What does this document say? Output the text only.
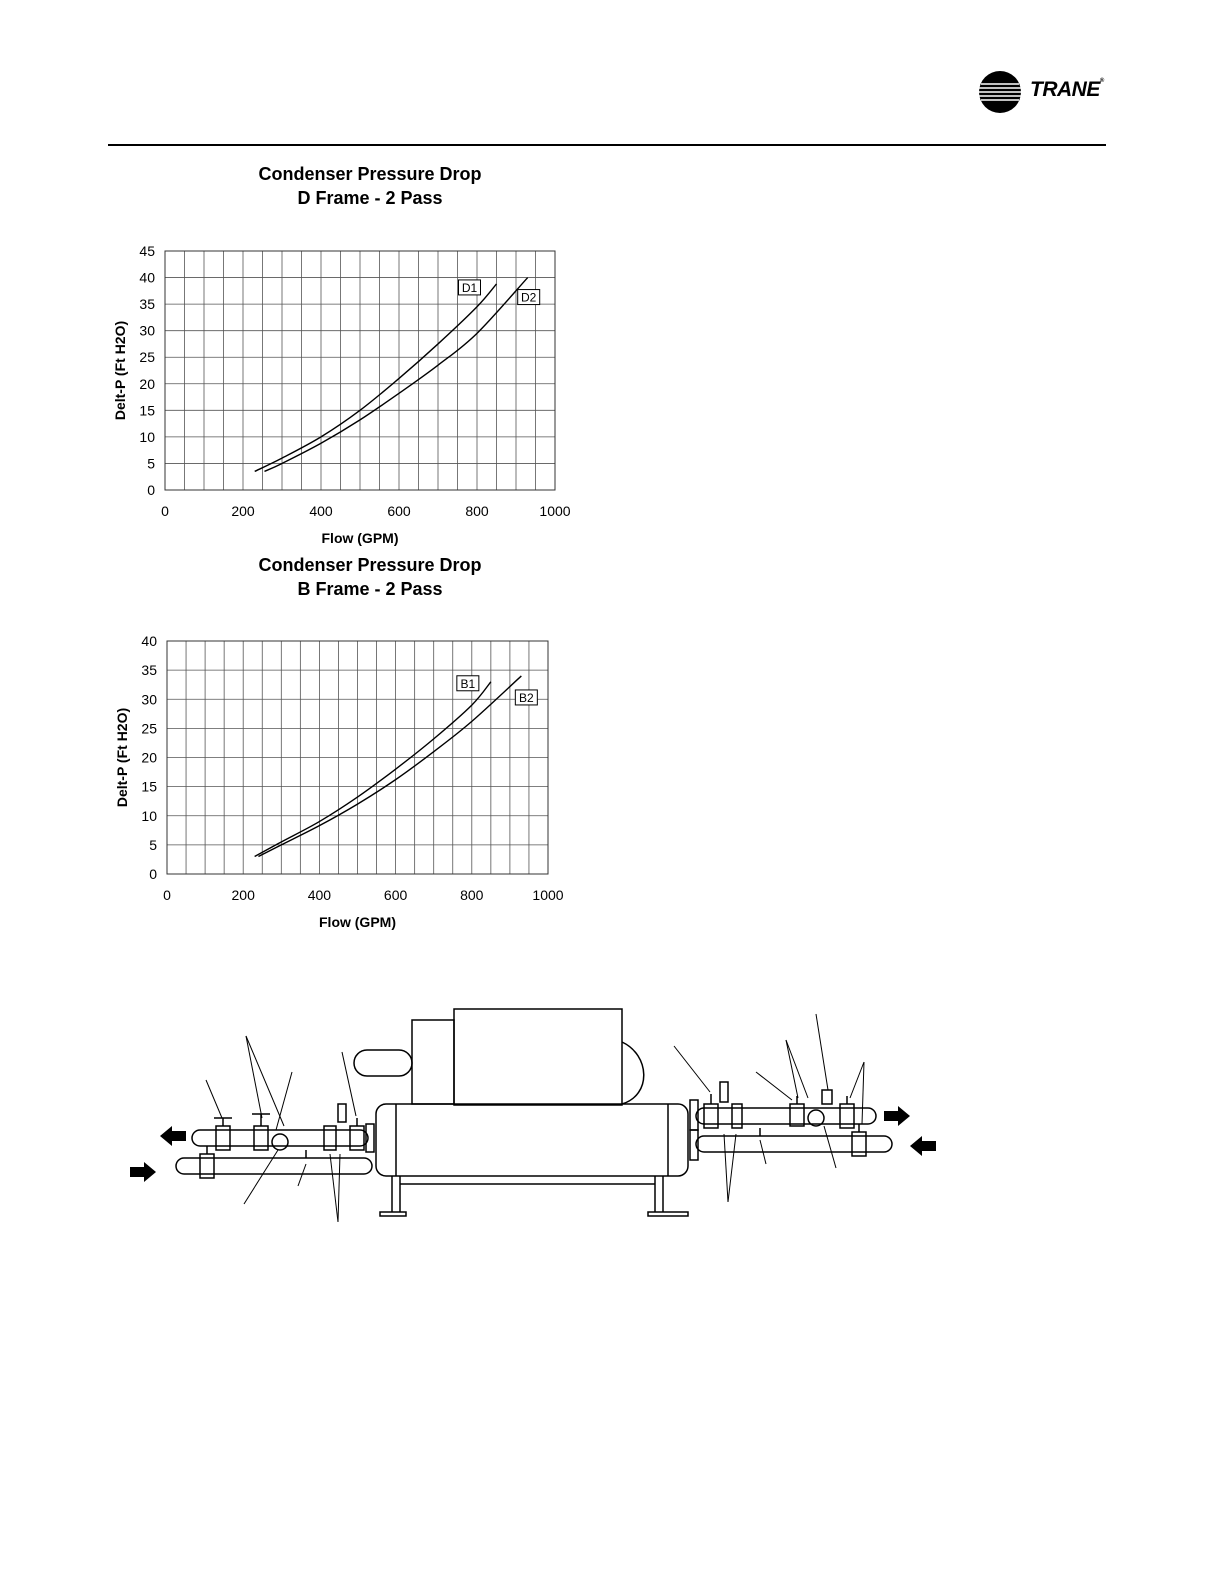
TRANE®
Condenser Pressure Drop
D Frame - 2 Pass
0
5
10
15
20
25
30
35
40
45
0	200	400	600	800	1000
Flow (GPM)
Delt-P (Ft H2O)
D1
D2
Condenser Pressure Drop
B Frame - 2 Pass
0
5
10
15
20
25
30
35
40
0	200	400	600	800	1000
Flow (GPM)
Delt-P (Ft H2O)
B1
B2
